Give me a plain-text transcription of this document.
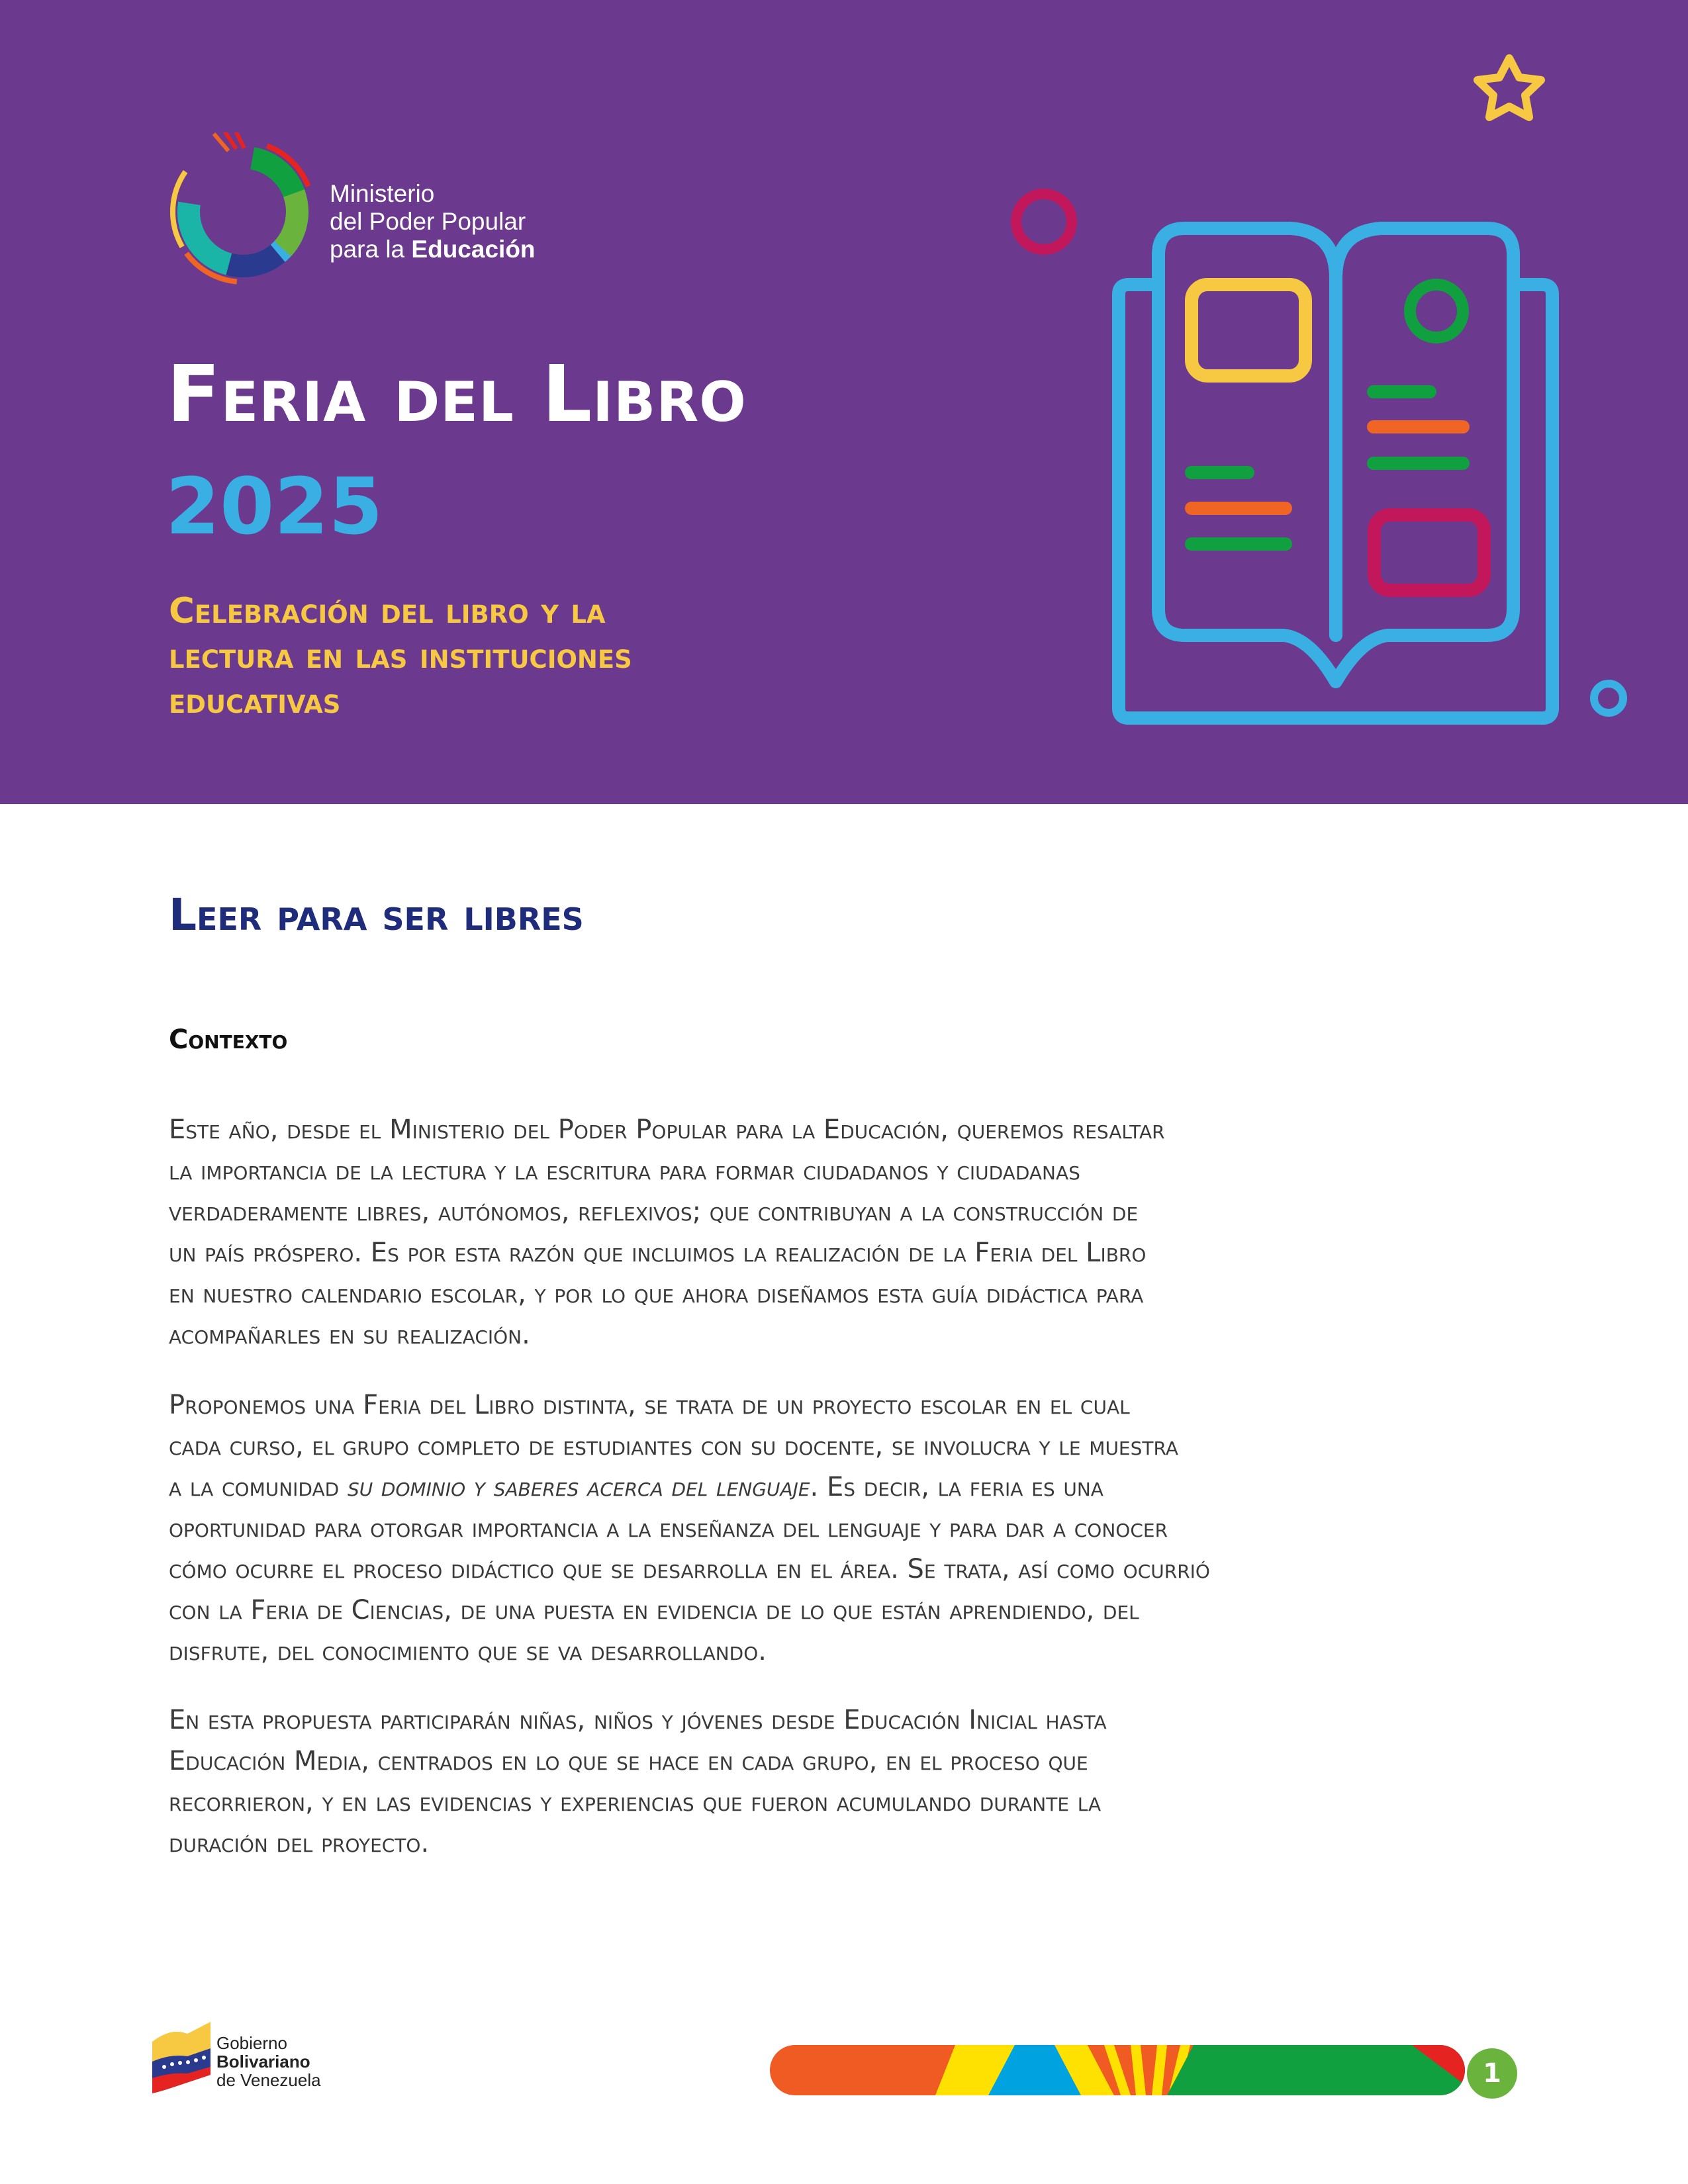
Ministerio
del Poder Popular
para la Educación
Feria del Libro
2025
Celebración del libro y la
lectura en las instituciones
educativas
Leer para ser libres
Contexto

Este año, desde el Ministerio del Poder Popular para la Educación, queremos resaltar
la importancia de la lectura y la escritura para formar ciudadanos y ciudadanas
verdaderamente libres, autónomos, reflexivos; que contribuyan a la construcción de
un país próspero. Es por esta razón que incluimos la realización de la Feria del Libro
en nuestro calendario escolar, y por lo que ahora diseñamos esta guía didáctica para
acompañarles en su realización.

Proponemos una Feria del Libro distinta, se trata de un proyecto escolar en el cual
cada curso, el grupo completo de estudiantes con su docente, se involucra y le muestra
a la comunidad su dominio y saberes acerca del lenguaje. Es decir, la feria es una
oportunidad para otorgar importancia a la enseñanza del lenguaje y para dar a conocer
cómo ocurre el proceso didáctico que se desarrolla en el área. Se trata, así como ocurrió
con la Feria de Ciencias, de una puesta en evidencia de lo que están aprendiendo, del
disfrute, del conocimiento que se va desarrollando.

En esta propuesta participarán niñas, niños y jóvenes desde Educación Inicial hasta
Educación Media, centrados en lo que se hace en cada grupo, en el proceso que
recorrieron, y en las evidencias y experiencias que fueron acumulando durante la
duración del proyecto.

Gobierno
Bolivariano
de Venezuela	1
